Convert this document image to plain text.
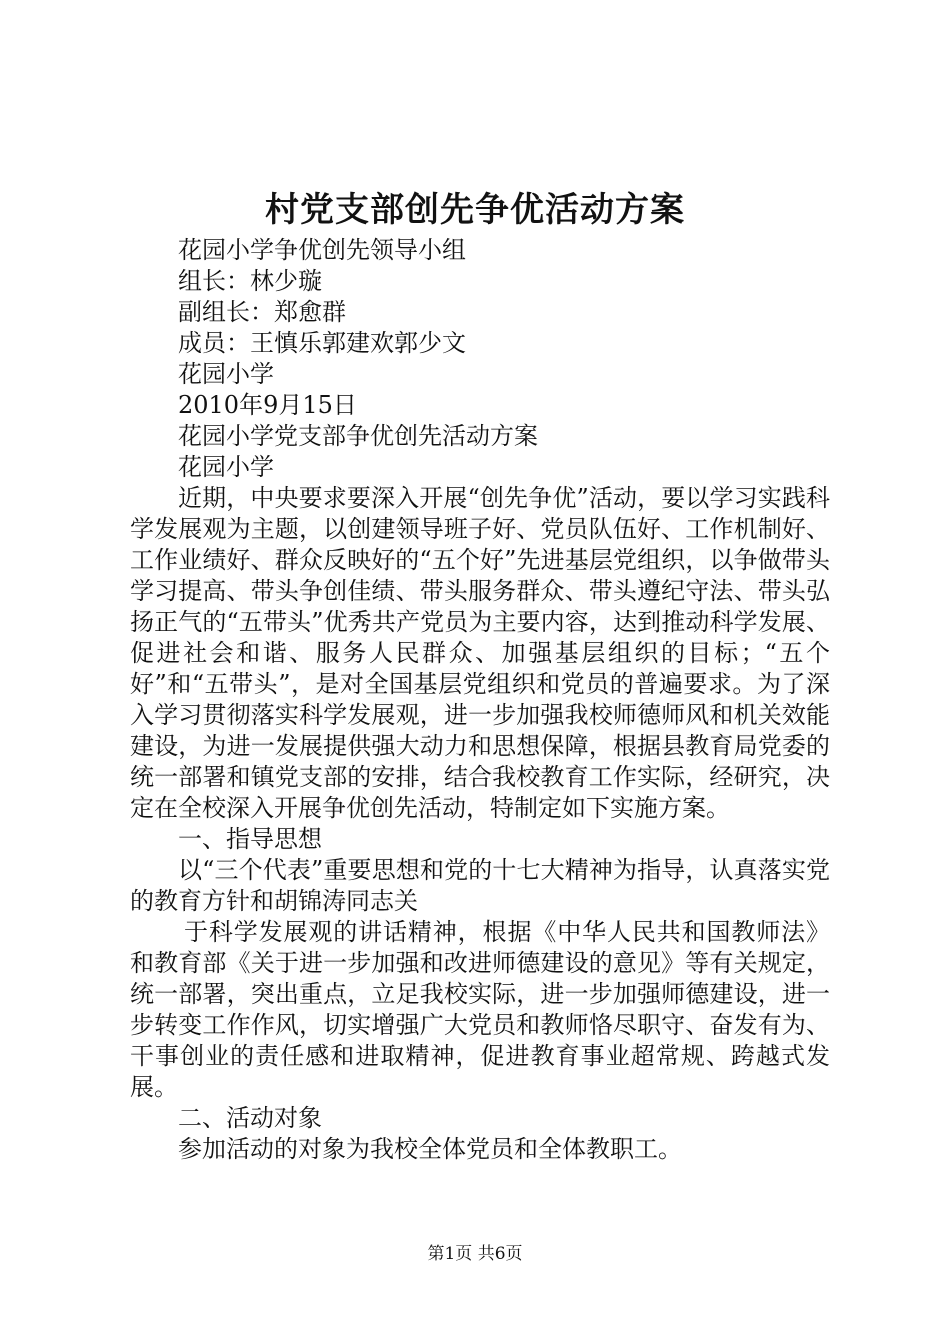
村党支部创先争优活动方案

花园小学争优创先领导小组

组长：林少璇

副组长：郑愈群

成员：王慎乐郭建欢郭少文

花园小学

2010年9月15日

花园小学党支部争优创先活动方案

花园小学

近期，中央要求要深入开展“创先争优”活动，要以学习实践科学发展观为主题，以创建领导班子好、党员队伍好、工作机制好、工作业绩好、群众反映好的“五个好”先进基层党组织，以争做带头学习提高、带头争创佳绩、带头服务群众、带头遵纪守法、带头弘扬正气的“五带头”优秀共产党员为主要内容，达到推动科学发展、促进社会和谐、服务人民群众、加强基层组织的目标；“五个好”和“五带头”，是对全国基层党组织和党员的普遍要求。为了深入学习贯彻落实科学发展观，进一步加强我校师德师风和机关效能建设，为进一发展提供强大动力和思想保障，根据县教育局党委的统一部署和镇党支部的安排，结合我校教育工作实际，经研究，决定在全校深入开展争优创先活动，特制定如下实施方案。

一、指导思想

以“三个代表”重要思想和党的十七大精神为指导，认真落实党的教育方针和胡锦涛同志关

于科学发展观的讲话精神，根据《中华人民共和国教师法》和教育部《关于进一步加强和改进师德建设的意见》等有关规定，统一部署，突出重点，立足我校实际，进一步加强师德建设，进一步转变工作作风，切实增强广大党员和教师恪尽职守、奋发有为、干事创业的责任感和进取精神，促进教育事业超常规、跨越式发展。

二、活动对象

参加活动的对象为我校全体党员和全体教职工。

第1页 共6页
